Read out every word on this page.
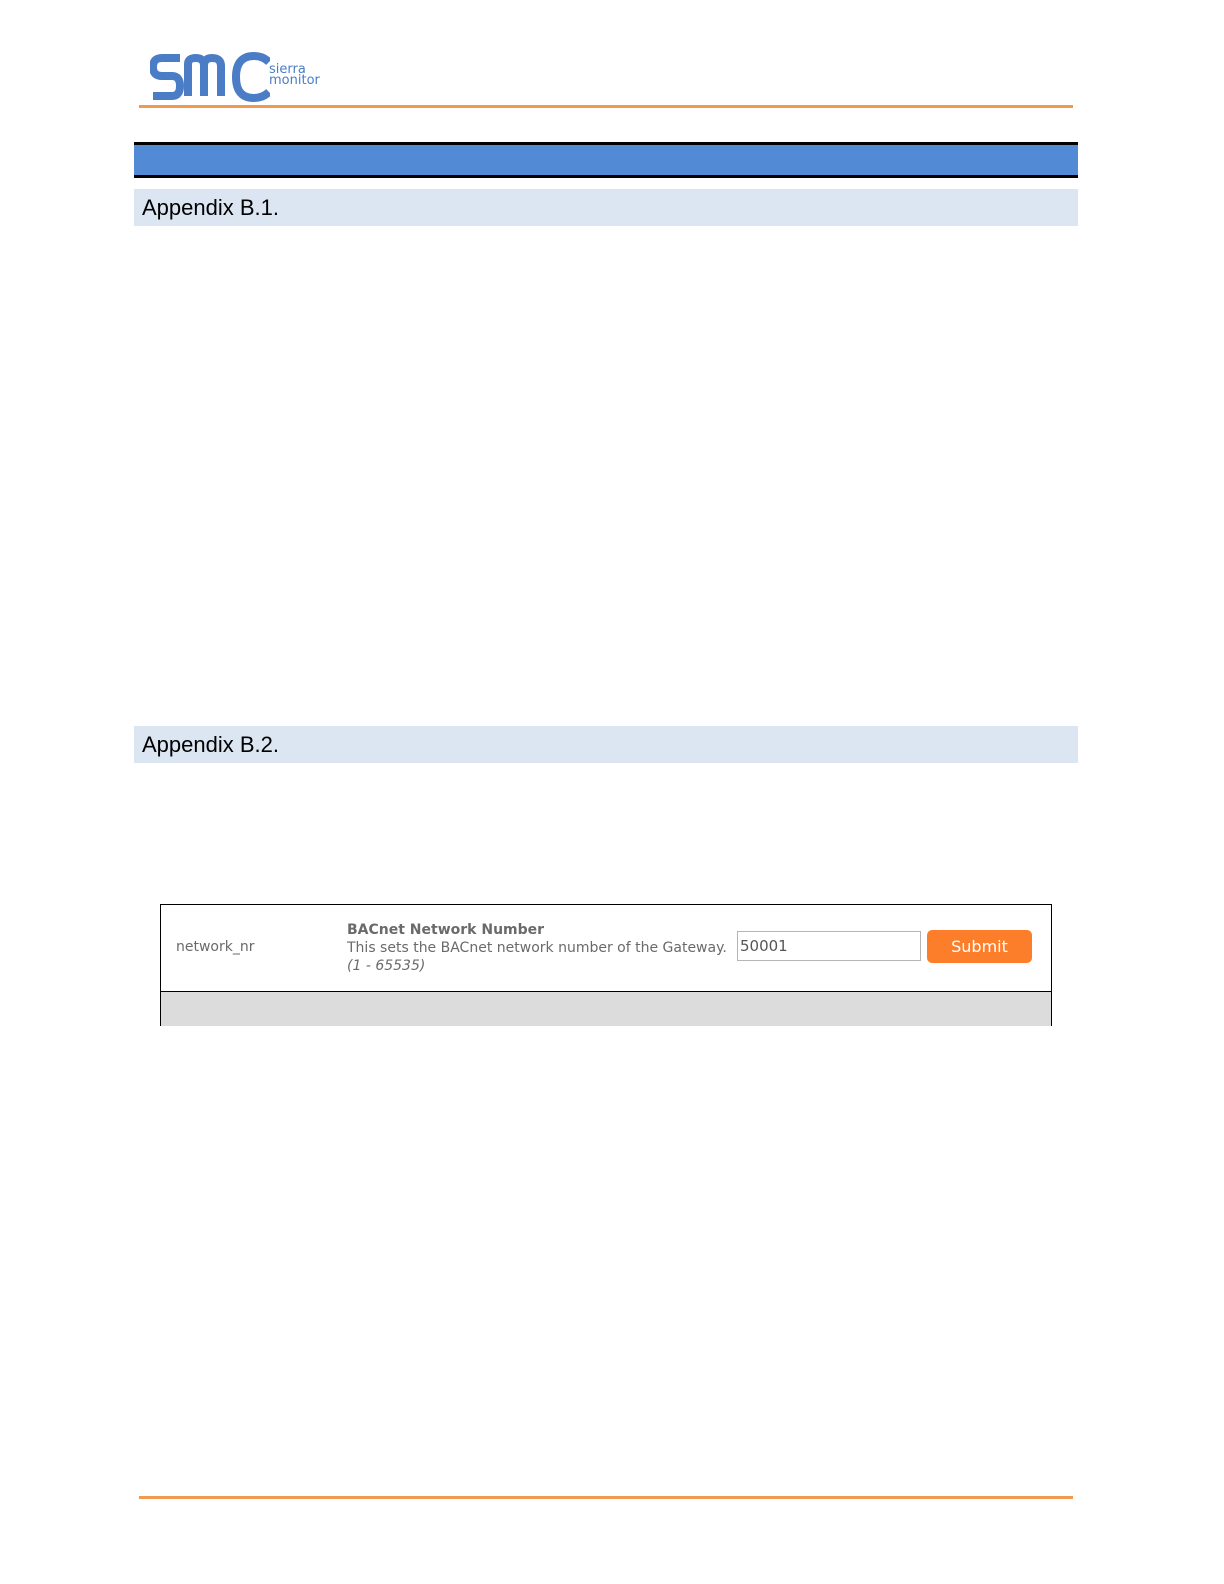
sierra
monitor
Appendix B.1.
Appendix B.2.
network_nr
BACnet Network Number
This sets the BACnet network number of the Gateway.
(1 - 65535)
50001
Submit
